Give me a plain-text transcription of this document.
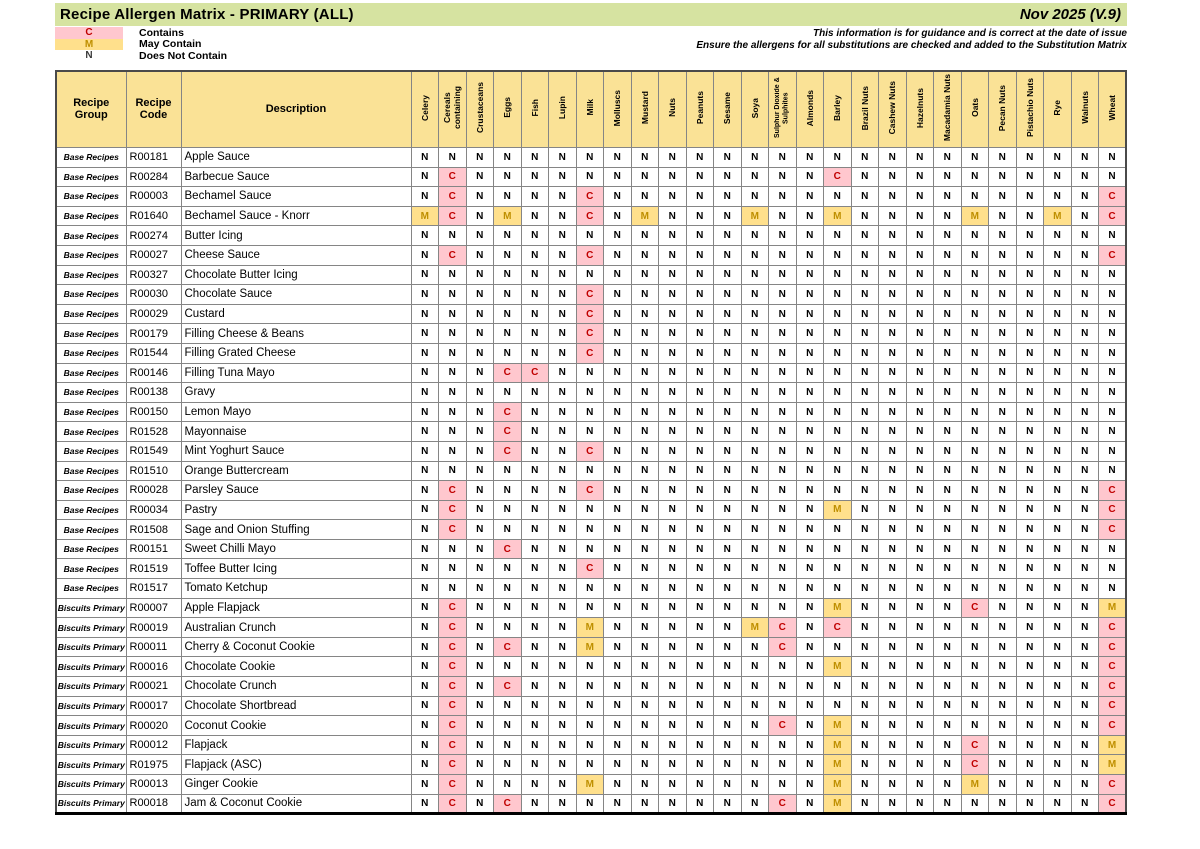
Recipe Allergen Matrix - PRIMARY (ALL)	Nov 2025 (V.9)
C	Contains
M	May Contain
N	Does Not Contain
This information is for guidance and is correct at the date of issue
Ensure the allergens for all substitutions are checked and added to the Substitution Matrix
Recipe Group	Recipe Code	Description	Celery	Cereals containing	Crustaceans	Eggs	Fish	Lupin	Milk	Molluscs	Mustard	Nuts	Peanuts	Sesame	Soya	Sulphur Dioxide & Sulphites	Almonds	Barley	Brazil Nuts	Cashew Nuts	Hazelnuts	Macadamia Nuts	Oats	Pecan Nuts	Pistachio Nuts	Rye	Walnuts	Wheat
Base Recipes	R00181	Apple Sauce	N	N	N	N	N	N	N	N	N	N	N	N	N	N	N	N	N	N	N	N	N	N	N	N	N	N
Base Recipes	R00284	Barbecue Sauce	N	C	N	N	N	N	N	N	N	N	N	N	N	N	N	C	N	N	N	N	N	N	N	N	N	N
Base Recipes	R00003	Bechamel Sauce	N	C	N	N	N	N	C	N	N	N	N	N	N	N	N	N	N	N	N	N	N	N	N	N	N	C
Base Recipes	R01640	Bechamel Sauce - Knorr	M	C	N	M	N	N	C	N	M	N	N	N	M	N	N	M	N	N	N	N	M	N	N	M	N	C
Base Recipes	R00274	Butter Icing	N	N	N	N	N	N	N	N	N	N	N	N	N	N	N	N	N	N	N	N	N	N	N	N	N	N
Base Recipes	R00027	Cheese Sauce	N	C	N	N	N	N	C	N	N	N	N	N	N	N	N	N	N	N	N	N	N	N	N	N	N	C
Base Recipes	R00327	Chocolate Butter Icing	N	N	N	N	N	N	N	N	N	N	N	N	N	N	N	N	N	N	N	N	N	N	N	N	N	N
Base Recipes	R00030	Chocolate Sauce	N	N	N	N	N	N	C	N	N	N	N	N	N	N	N	N	N	N	N	N	N	N	N	N	N	N
Base Recipes	R00029	Custard	N	N	N	N	N	N	C	N	N	N	N	N	N	N	N	N	N	N	N	N	N	N	N	N	N	N
Base Recipes	R00179	Filling Cheese & Beans	N	N	N	N	N	N	C	N	N	N	N	N	N	N	N	N	N	N	N	N	N	N	N	N	N	N
Base Recipes	R01544	Filling Grated Cheese	N	N	N	N	N	N	C	N	N	N	N	N	N	N	N	N	N	N	N	N	N	N	N	N	N	N
Base Recipes	R00146	Filling Tuna Mayo	N	N	N	C	C	N	N	N	N	N	N	N	N	N	N	N	N	N	N	N	N	N	N	N	N	N
Base Recipes	R00138	Gravy	N	N	N	N	N	N	N	N	N	N	N	N	N	N	N	N	N	N	N	N	N	N	N	N	N	N
Base Recipes	R00150	Lemon Mayo	N	N	N	C	N	N	N	N	N	N	N	N	N	N	N	N	N	N	N	N	N	N	N	N	N	N
Base Recipes	R01528	Mayonnaise	N	N	N	C	N	N	N	N	N	N	N	N	N	N	N	N	N	N	N	N	N	N	N	N	N	N
Base Recipes	R01549	Mint Yoghurt Sauce	N	N	N	C	N	N	C	N	N	N	N	N	N	N	N	N	N	N	N	N	N	N	N	N	N	N
Base Recipes	R01510	Orange Buttercream	N	N	N	N	N	N	N	N	N	N	N	N	N	N	N	N	N	N	N	N	N	N	N	N	N	N
Base Recipes	R00028	Parsley Sauce	N	C	N	N	N	N	C	N	N	N	N	N	N	N	N	N	N	N	N	N	N	N	N	N	N	C
Base Recipes	R00034	Pastry	N	C	N	N	N	N	N	N	N	N	N	N	N	N	N	M	N	N	N	N	N	N	N	N	N	C
Base Recipes	R01508	Sage and Onion Stuffing	N	C	N	N	N	N	N	N	N	N	N	N	N	N	N	N	N	N	N	N	N	N	N	N	N	C
Base Recipes	R00151	Sweet Chilli Mayo	N	N	N	C	N	N	N	N	N	N	N	N	N	N	N	N	N	N	N	N	N	N	N	N	N	N
Base Recipes	R01519	Toffee Butter Icing	N	N	N	N	N	N	C	N	N	N	N	N	N	N	N	N	N	N	N	N	N	N	N	N	N	N
Base Recipes	R01517	Tomato Ketchup	N	N	N	N	N	N	N	N	N	N	N	N	N	N	N	N	N	N	N	N	N	N	N	N	N	N
Biscuits Primary	R00007	Apple Flapjack	N	C	N	N	N	N	N	N	N	N	N	N	N	N	N	M	N	N	N	N	C	N	N	N	N	M
Biscuits Primary	R00019	Australian Crunch	N	C	N	N	N	N	M	N	N	N	N	N	M	C	N	C	N	N	N	N	N	N	N	N	N	C
Biscuits Primary	R00011	Cherry & Coconut Cookie	N	C	N	C	N	N	M	N	N	N	N	N	N	C	N	N	N	N	N	N	N	N	N	N	N	C
Biscuits Primary	R00016	Chocolate Cookie	N	C	N	N	N	N	N	N	N	N	N	N	N	N	N	M	N	N	N	N	N	N	N	N	N	C
Biscuits Primary	R00021	Chocolate Crunch	N	C	N	C	N	N	N	N	N	N	N	N	N	N	N	N	N	N	N	N	N	N	N	N	N	C
Biscuits Primary	R00017	Chocolate Shortbread	N	C	N	N	N	N	N	N	N	N	N	N	N	N	N	N	N	N	N	N	N	N	N	N	N	C
Biscuits Primary	R00020	Coconut Cookie	N	C	N	N	N	N	N	N	N	N	N	N	N	C	N	M	N	N	N	N	N	N	N	N	N	C
Biscuits Primary	R00012	Flapjack	N	C	N	N	N	N	N	N	N	N	N	N	N	N	N	M	N	N	N	N	C	N	N	N	N	M
Biscuits Primary	R01975	Flapjack (ASC)	N	C	N	N	N	N	N	N	N	N	N	N	N	N	N	M	N	N	N	N	C	N	N	N	N	M
Biscuits Primary	R00013	Ginger Cookie	N	C	N	N	N	N	M	N	N	N	N	N	N	N	N	M	N	N	N	N	M	N	N	N	N	C
Biscuits Primary	R00018	Jam & Coconut Cookie	N	C	N	C	N	N	N	N	N	N	N	N	N	C	N	M	N	N	N	N	N	N	N	N	N	C
